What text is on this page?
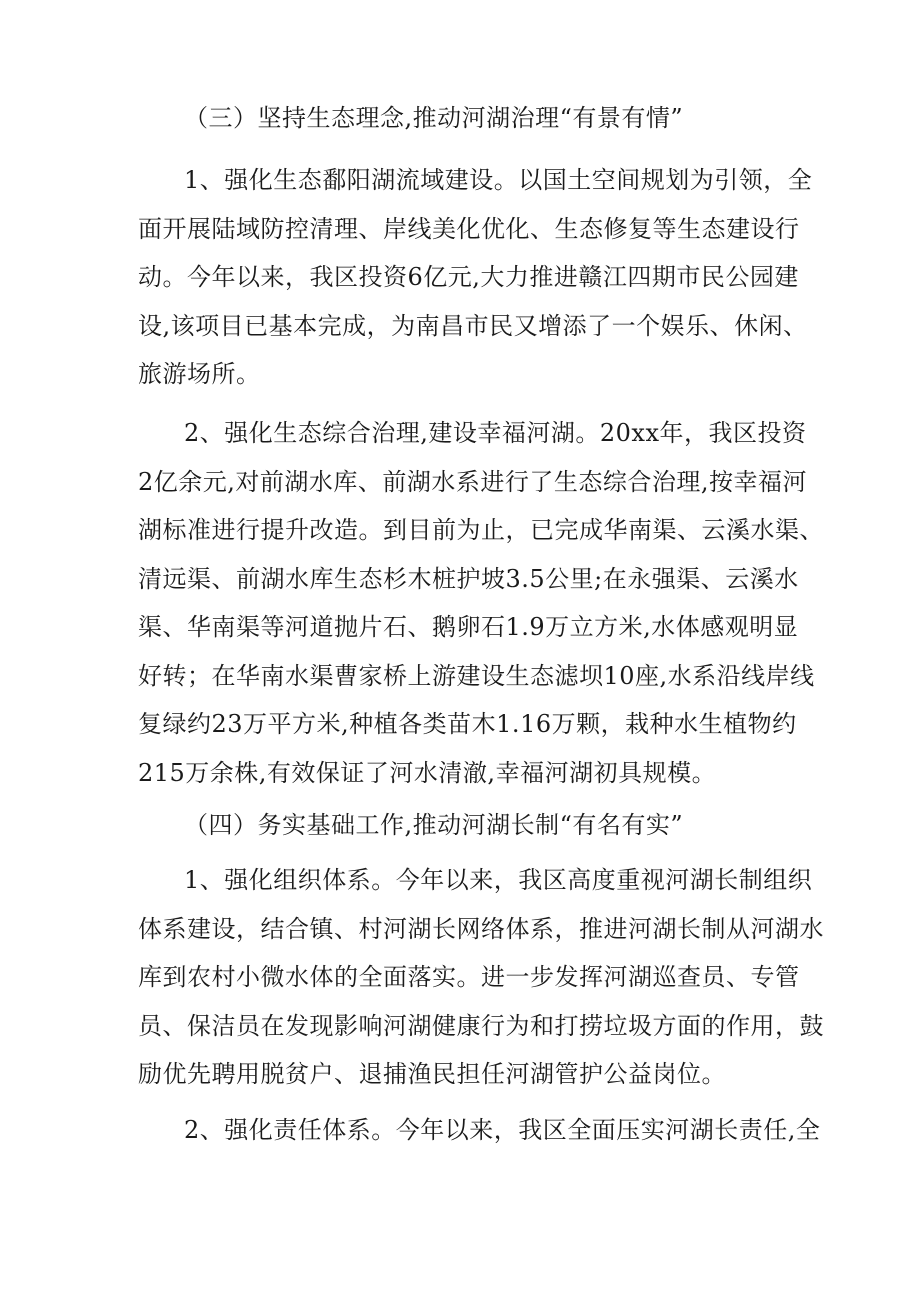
（三）坚持生态理念,推动河湖治理“有景有情”
1、强化生态鄱阳湖流域建设。以国土空间规划为引领，全
面开展陆域防控清理、岸线美化优化、生态修复等生态建设行
动。今年以来，我区投资6亿元,大力推进赣江四期市民公园建
设,该项目已基本完成，为南昌市民又增添了一个娱乐、休闲、
旅游场所。
2、强化生态综合治理,建设幸福河湖。20xx年，我区投资
2亿余元,对前湖水库、前湖水系进行了生态综合治理,按幸福河
湖标准进行提升改造。到目前为止，已完成华南渠、云溪水渠、
清远渠、前湖水库生态杉木桩护坡3.5公里;在永强渠、云溪水
渠、华南渠等河道抛片石、鹅卵石1.9万立方米,水体感观明显
好转；在华南水渠曹家桥上游建设生态滤坝10座,水系沿线岸线
复绿约23万平方米,种植各类苗木1.16万颗，栽种水生植物约
215万余株,有效保证了河水清澈,幸福河湖初具规模。
（四）务实基础工作,推动河湖长制“有名有实”
1、强化组织体系。今年以来，我区高度重视河湖长制组织
体系建设，结合镇、村河湖长网络体系，推进河湖长制从河湖水
库到农村小微水体的全面落实。进一步发挥河湖巡查员、专管
员、保洁员在发现影响河湖健康行为和打捞垃圾方面的作用，鼓
励优先聘用脱贫户、退捕渔民担任河湖管护公益岗位。
2、强化责任体系。今年以来，我区全面压实河湖长责任,全
